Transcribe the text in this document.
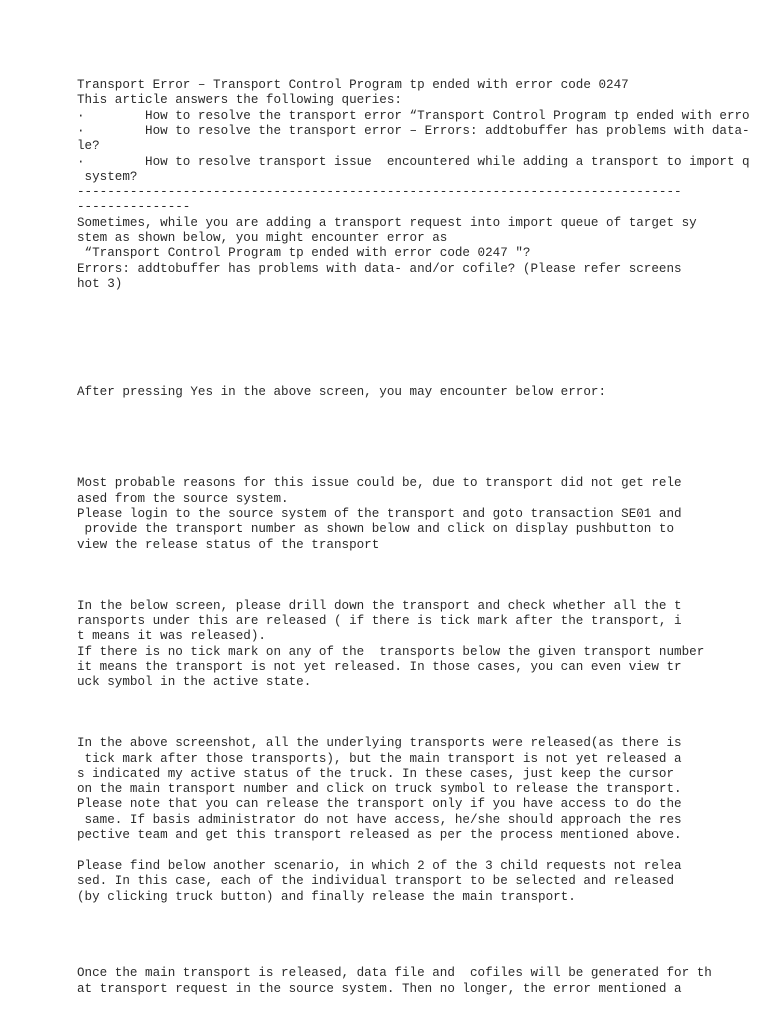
Transport Error – Transport Control Program tp ended with error code 0247

This article answers the following queries:

·        How to resolve the transport error “Transport Control Program tp ended with erro

·        How to resolve the transport error – Errors: addtobuffer has problems with data-

le?

·        How to resolve transport issue  encountered while adding a transport to import q

system?

--------------------------------------------------------------------------------

---------------

Sometimes, while you are adding a transport request into import queue of target sy

stem as shown below, you might encounter error as

“Transport Control Program tp ended with error code 0247 "?

Errors: addtobuffer has problems with data- and/or cofile? (Please refer screens

hot 3)

After pressing Yes in the above screen, you may encounter below error:

Most probable reasons for this issue could be, due to transport did not get rele

ased from the source system.

Please login to the source system of the transport and goto transaction SE01 and

provide the transport number as shown below and click on display pushbutton to

view the release status of the transport

In the below screen, please drill down the transport and check whether all the t

ransports under this are released ( if there is tick mark after the transport, i

t means it was released).

If there is no tick mark on any of the  transports below the given transport number

it means the transport is not yet released. In those cases, you can even view tr

uck symbol in the active state.

In the above screenshot, all the underlying transports were released(as there is

tick mark after those transports), but the main transport is not yet released a

s indicated my active status of the truck. In these cases, just keep the cursor

on the main transport number and click on truck symbol to release the transport.

Please note that you can release the transport only if you have access to do the

same. If basis administrator do not have access, he/she should approach the res

pective team and get this transport released as per the process mentioned above.

Please find below another scenario, in which 2 of the 3 child requests not relea

sed. In this case, each of the individual transport to be selected and released

(by clicking truck button) and finally release the main transport.

Once the main transport is released, data file and  cofiles will be generated for th

at transport request in the source system. Then no longer, the error mentioned a
